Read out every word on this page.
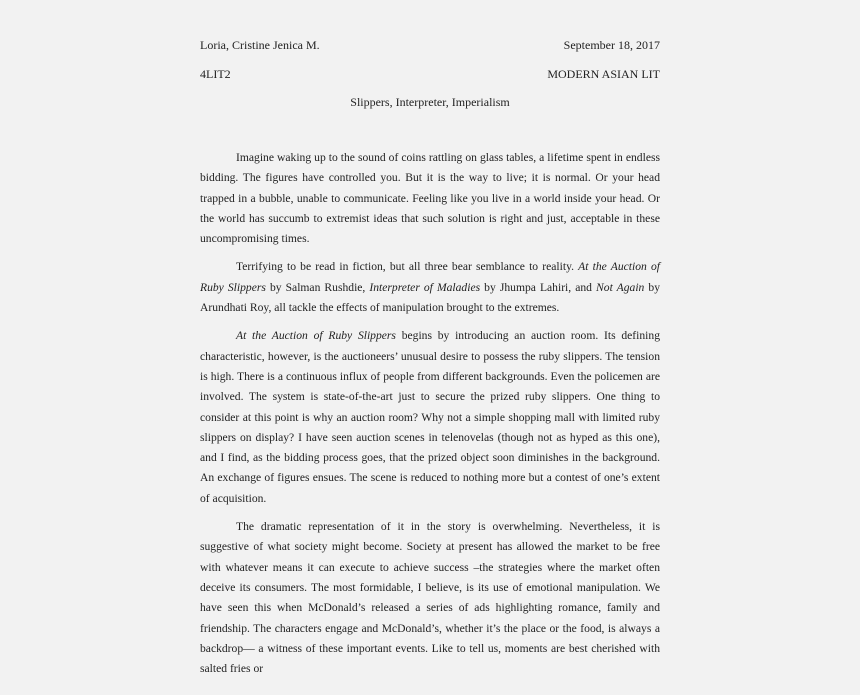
Loria, Cristine Jenica M.	September 18, 2017
4LIT2	MODERN ASIAN LIT
Slippers, Interpreter, Imperialism

Imagine waking up to the sound of coins rattling on glass tables, a lifetime spent in endless bidding. The figures have controlled you. But it is the way to live; it is normal. Or your head trapped in a bubble, unable to communicate. Feeling like you live in a world inside your head. Or the world has succumb to extremist ideas that such solution is right and just, acceptable in these uncompromising times.

Terrifying to be read in fiction, but all three bear semblance to reality. At the Auction of Ruby Slippers by Salman Rushdie, Interpreter of Maladies by Jhumpa Lahiri, and Not Again by Arundhati Roy, all tackle the effects of manipulation brought to the extremes.

At the Auction of Ruby Slippers begins by introducing an auction room. Its defining characteristic, however, is the auctioneers’ unusual desire to possess the ruby slippers. The tension is high. There is a continuous influx of people from different backgrounds. Even the policemen are involved. The system is state-of-the-art just to secure the prized ruby slippers. One thing to consider at this point is why an auction room? Why not a simple shopping mall with limited ruby slippers on display? I have seen auction scenes in telenovelas (though not as hyped as this one), and I find, as the bidding process goes, that the prized object soon diminishes in the background. An exchange of figures ensues. The scene is reduced to nothing more but a contest of one’s extent of acquisition.

The dramatic representation of it in the story is overwhelming. Nevertheless, it is suggestive of what society might become. Society at present has allowed the market to be free with whatever means it can execute to achieve success –the strategies where the market often deceive its consumers. The most formidable, I believe, is its use of emotional manipulation. We have seen this when McDonald’s released a series of ads highlighting romance, family and friendship. The characters engage and McDonald’s, whether it’s the place or the food, is always a backdrop— a witness of these important events. Like to tell us, moments are best cherished with salted fries or
